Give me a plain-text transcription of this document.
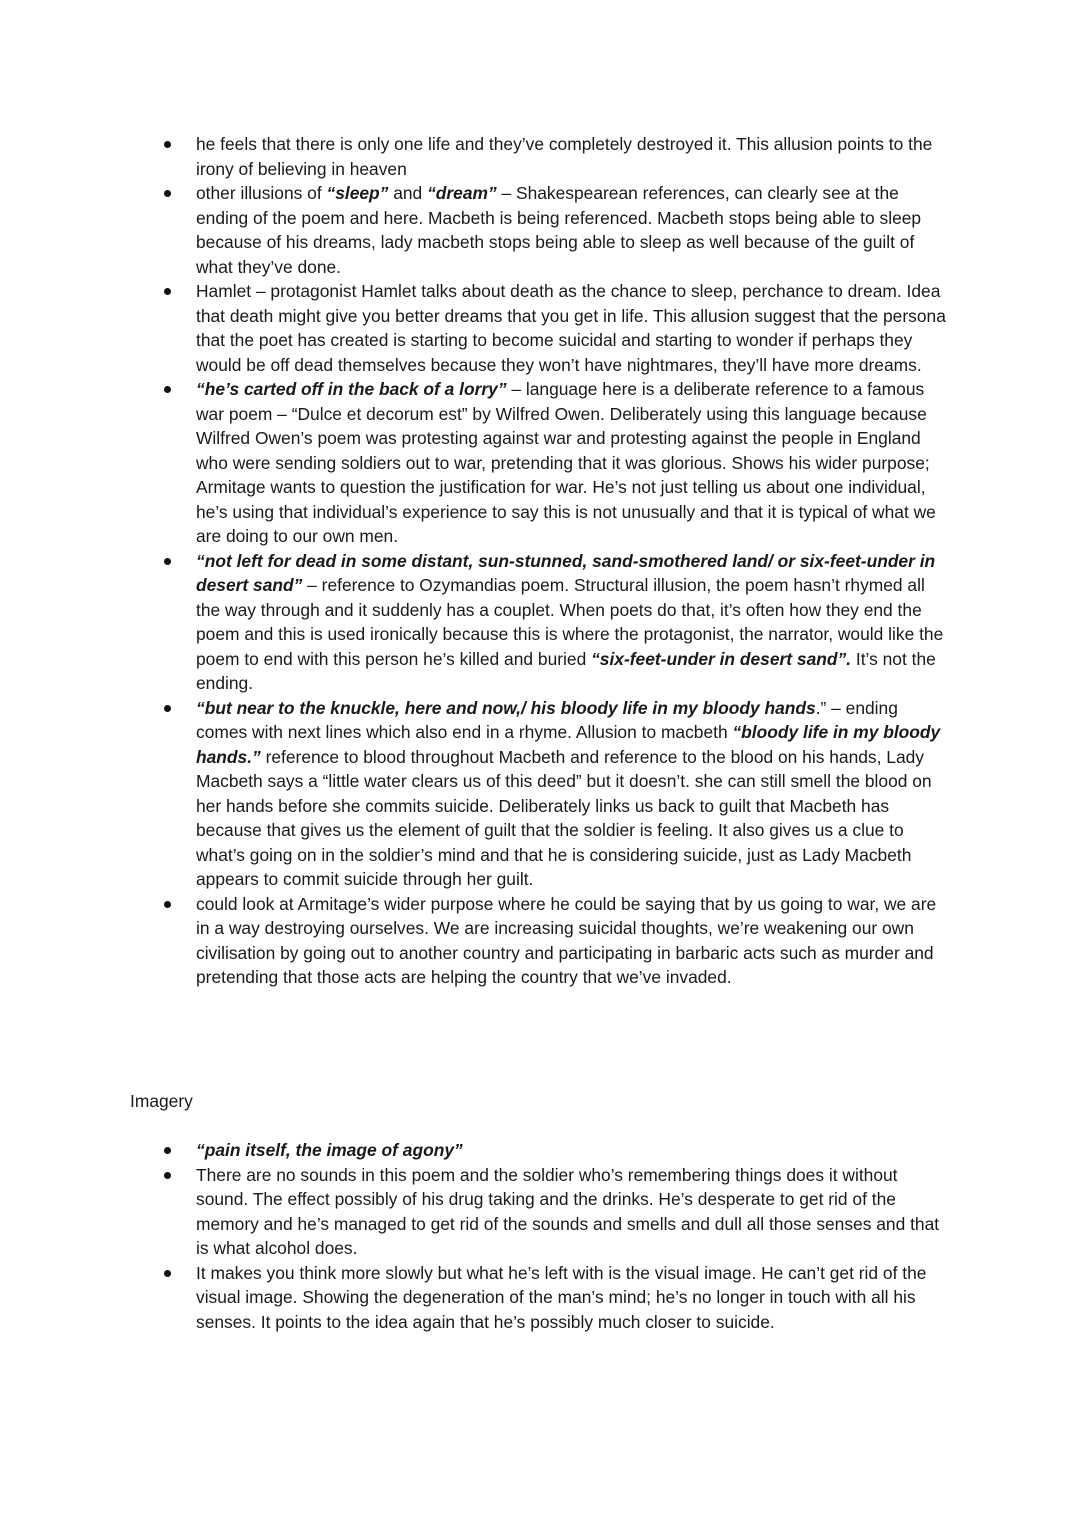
he feels that there is only one life and they’ve completely destroyed it. This allusion points to the irony of believing in heaven
other illusions of “sleep” and “dream” – Shakespearean references, can clearly see at the ending of the poem and here. Macbeth is being referenced. Macbeth stops being able to sleep because of his dreams, lady macbeth stops being able to sleep as well because of the guilt of what they’ve done.
Hamlet – protagonist Hamlet talks about death as the chance to sleep, perchance to dream. Idea that death might give you better dreams that you get in life. This allusion suggest that the persona that the poet has created is starting to become suicidal and starting to wonder if perhaps they would be off dead themselves because they won’t have nightmares, they’ll have more dreams.
“he’s carted off in the back of a lorry” – language here is a deliberate reference to a famous war poem – “Dulce et decorum est” by Wilfred Owen. Deliberately using this language because Wilfred Owen’s poem was protesting against war and protesting against the people in England who were sending soldiers out to war, pretending that it was glorious. Shows his wider purpose; Armitage wants to question the justification for war. He’s not just telling us about one individual, he’s using that individual’s experience to say this is not unusually and that it is typical of what we are doing to our own men.
“not left for dead in some distant, sun-stunned, sand-smothered land/ or six-feet-under in desert sand” – reference to Ozymandias poem. Structural illusion, the poem hasn’t rhymed all the way through and it suddenly has a couplet. When poets do that, it’s often how they end the poem and this is used ironically because this is where the protagonist, the narrator, would like the poem to end with this person he’s killed and buried “six-feet-under in desert sand”. It’s not the ending.
“but near to the knuckle, here and now,/ his bloody life in my bloody hands.” – ending comes with next lines which also end in a rhyme. Allusion to macbeth “bloody life in my bloody hands.” reference to blood throughout Macbeth and reference to the blood on his hands, Lady Macbeth says a “little water clears us of this deed” but it doesn’t. she can still smell the blood on her hands before she commits suicide. Deliberately links us back to guilt that Macbeth has because that gives us the element of guilt that the soldier is feeling. It also gives us a clue to what’s going on in the soldier’s mind and that he is considering suicide, just as Lady Macbeth appears to commit suicide through her guilt.
could look at Armitage’s wider purpose where he could be saying that by us going to war, we are in a way destroying ourselves. We are increasing suicidal thoughts, we’re weakening our own civilisation by going out to another country and participating in barbaric acts such as murder and pretending that those acts are helping the country that we’ve invaded.
Imagery
“pain itself, the image of agony”
There are no sounds in this poem and the soldier who’s remembering things does it without sound. The effect possibly of his drug taking and the drinks. He’s desperate to get rid of the memory and he’s managed to get rid of the sounds and smells and dull all those senses and that is what alcohol does.
It makes you think more slowly but what he’s left with is the visual image. He can’t get rid of the visual image. Showing the degeneration of the man’s mind; he’s no longer in touch with all his senses. It points to the idea again that he’s possibly much closer to suicide.
